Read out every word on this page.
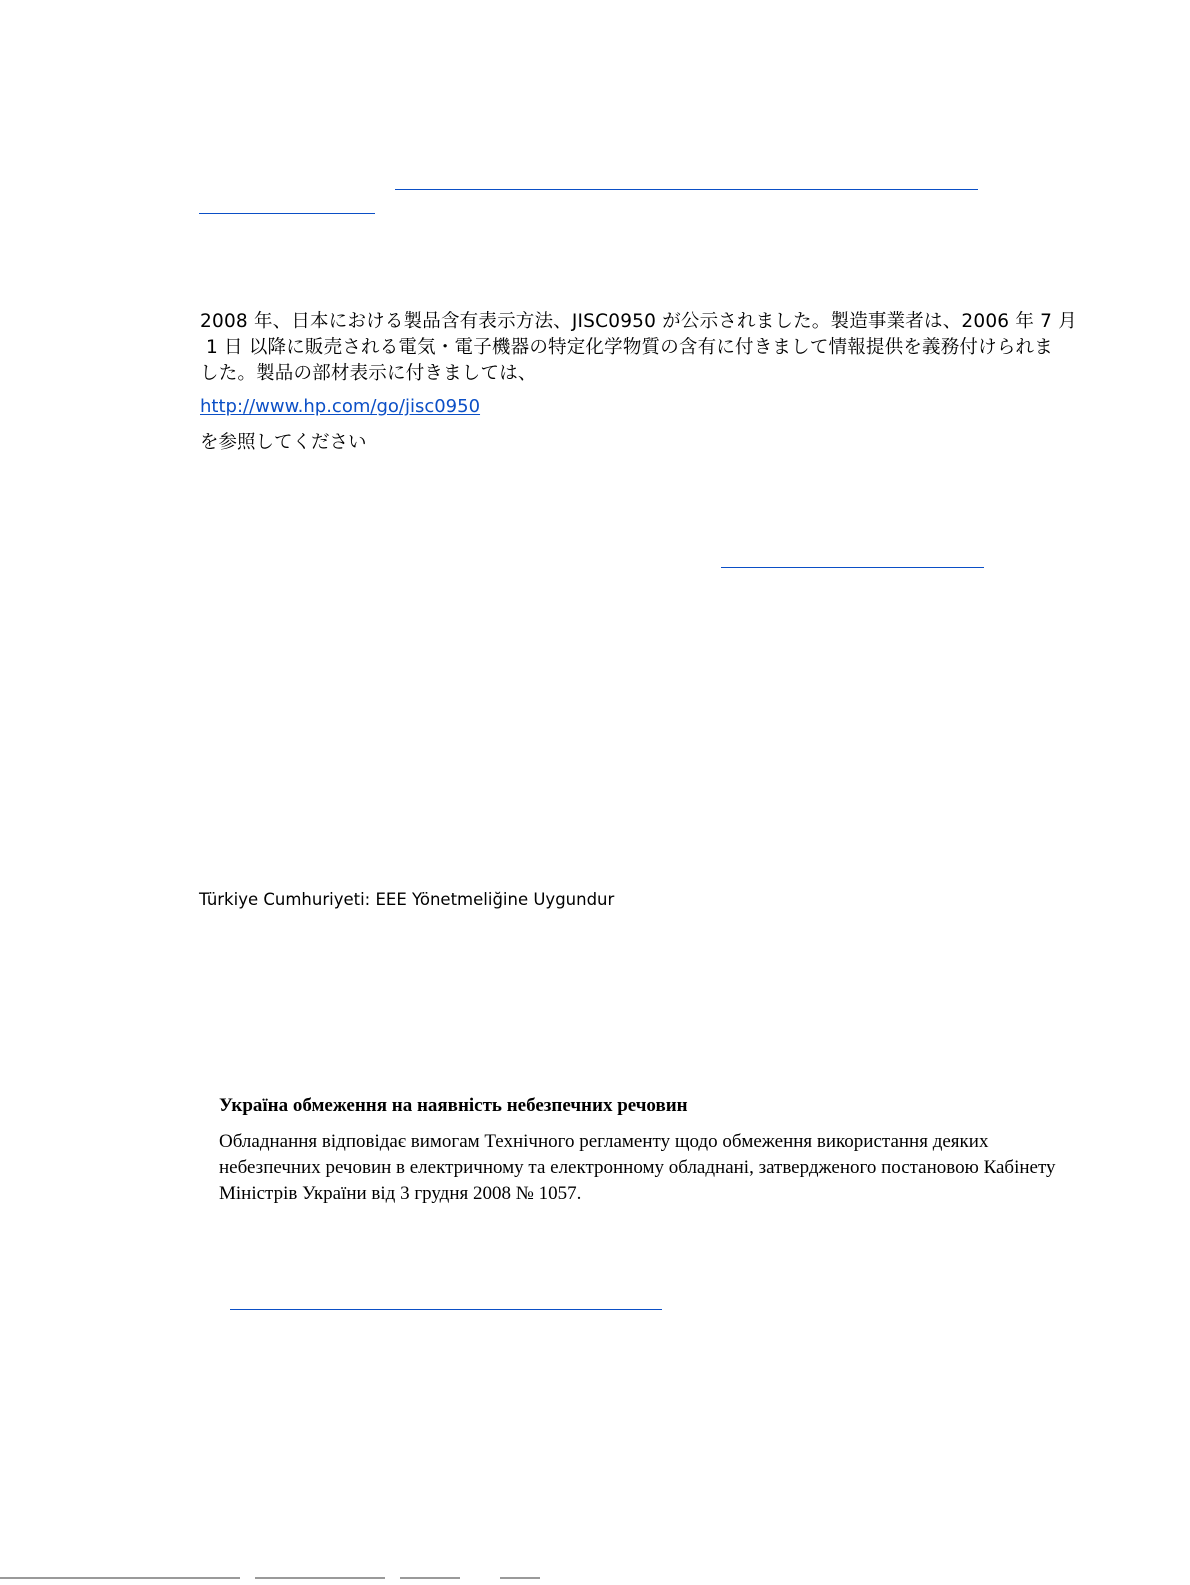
2008 年、日本における製品含有表示方法、JISC0950 が公示されました。製造事業者は、2006 年 7 月
1 日 以降に販売される電気・電子機器の特定化学物質の含有に付きまして情報提供を義務付けられま
した。製品の部材表示に付きましては、
http://www.hp.com/go/jisc0950
を参照してください
Türkiye Cumhuriyeti: EEE Yönetmeliğine Uygundur
Україна обмеження на наявність небезпечних речовин
Обладнання відповідає вимогам Технічного регламенту щодо обмеження використання деяких
небезпечних речовин в електричному та електронному обладнані, затвердженого постановою Кабінету
Міністрів України від 3 грудня 2008 № 1057.
